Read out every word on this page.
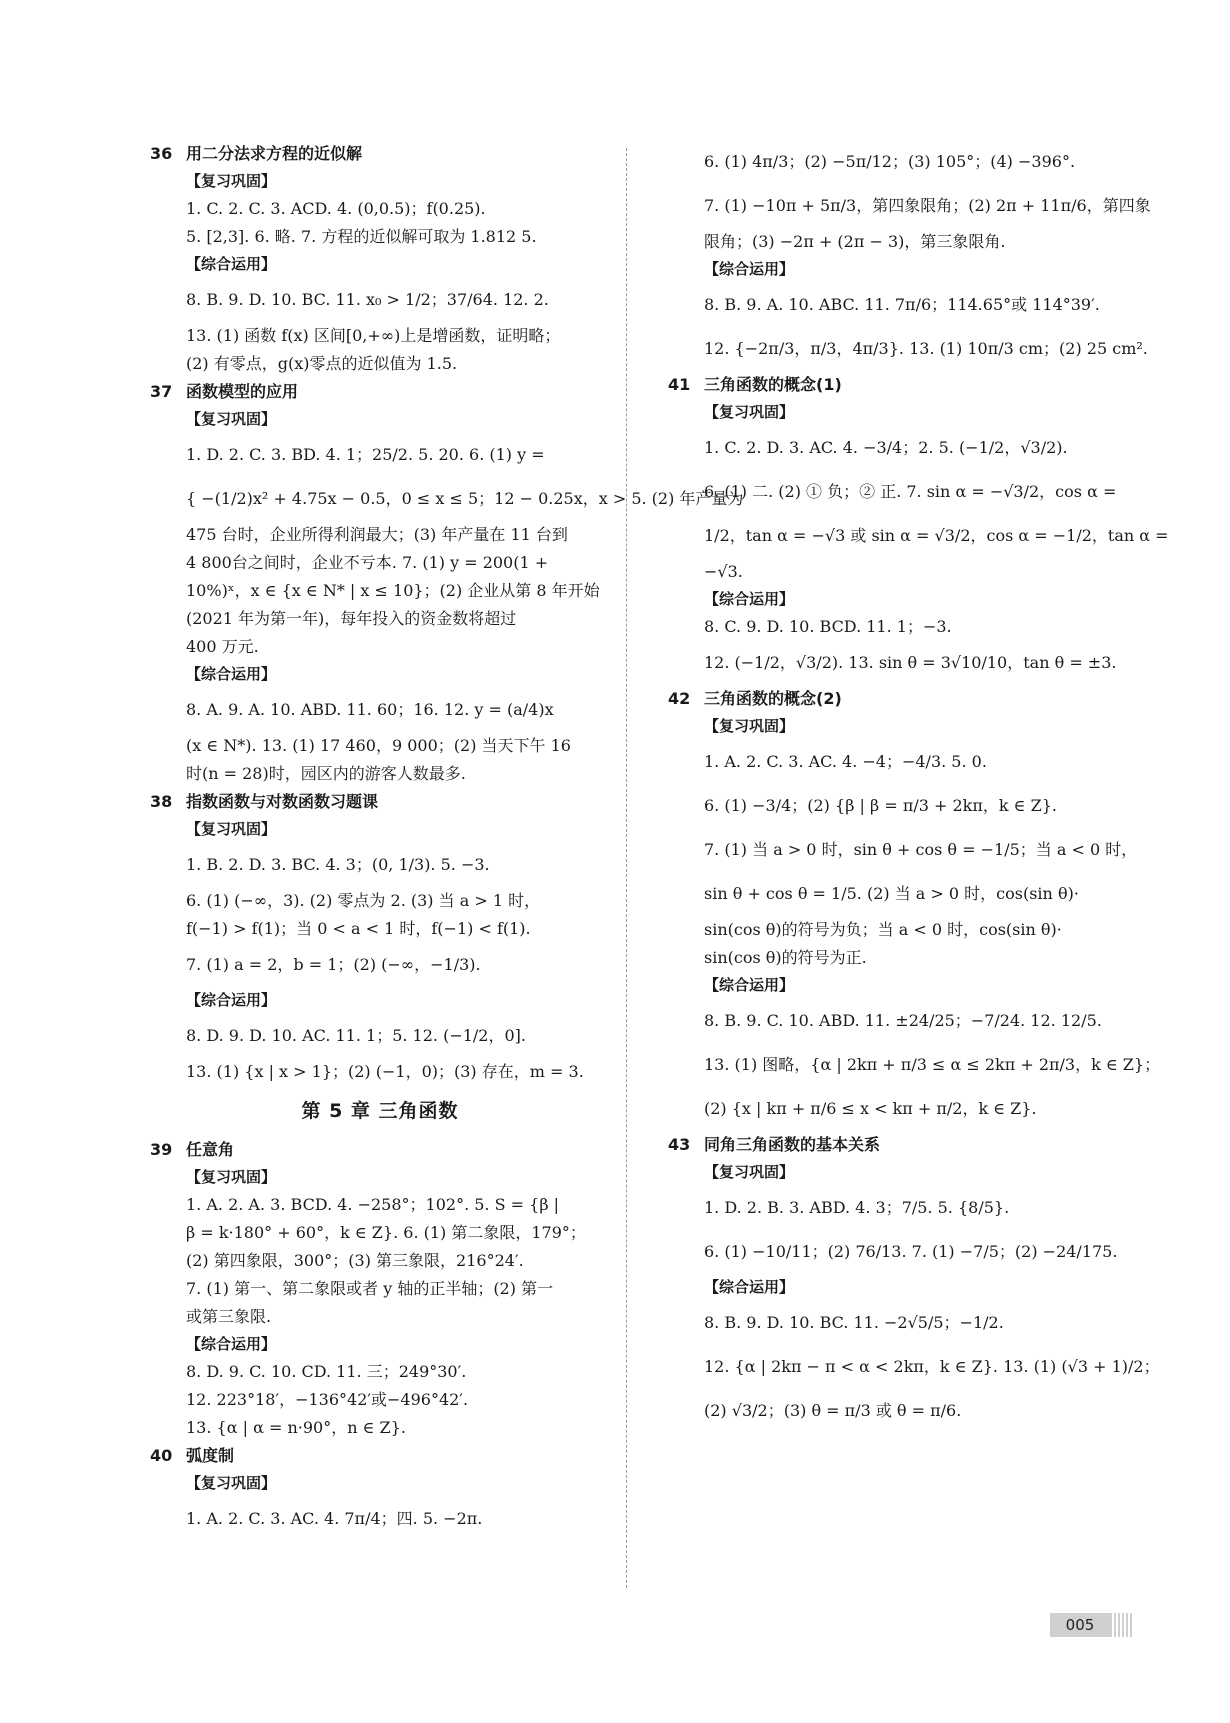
36 用二分法求方程的近似解
【复习巩固】
1. C. 2. C. 3. ACD. 4. (0,0.5)；f(0.25).
5. [2,3]. 6. 略. 7. 方程的近似解可取为 1.812 5.
【综合运用】
8. B. 9. D. 10. BC. 11. x₀ > 1/2；37/64. 12. 2.
13. (1) 函数 f(x) 区间[0,+∞)上是增函数，证明略；
(2) 有零点，g(x)零点的近似值为 1.5.
37 函数模型的应用
【复习巩固】
1. D. 2. C. 3. BD. 4. 1；25/2. 5. 20. 6. (1) y =
{ −(1/2)x² + 4.75x − 0.5，0 ≤ x ≤ 5；12 − 0.25x，x > 5. (2) 年产量为
475 台时，企业所得利润最大；(3) 年产量在 11 台到
4 800台之间时，企业不亏本. 7. (1) y = 200(1 +
10%)ˣ，x ∈ {x ∈ N* | x ≤ 10}；(2) 企业从第 8 年开始
(2021 年为第一年)，每年投入的资金数将超过
400 万元.
【综合运用】
8. A. 9. A. 10. ABD. 11. 60；16. 12. y = (a/4)x
(x ∈ N*). 13. (1) 17 460，9 000；(2) 当天下午 16
时(n = 28)时，园区内的游客人数最多.
38 指数函数与对数函数习题课
【复习巩固】
1. B. 2. D. 3. BC. 4. 3；(0, 1/3). 5. −3.
6. (1) (−∞，3). (2) 零点为 2. (3) 当 a > 1 时，
f(−1) > f(1)；当 0 < a < 1 时，f(−1) < f(1).
7. (1) a = 2，b = 1；(2) (−∞，−1/3).
【综合运用】
8. D. 9. D. 10. AC. 11. 1；5. 12. (−1/2，0].
13. (1) {x | x > 1}；(2) (−1，0)；(3) 存在，m = 3.
第 5 章 三角函数
39 任意角
【复习巩固】
1. A. 2. A. 3. BCD. 4. −258°；102°. 5. S = {β |
β = k·180° + 60°，k ∈ Z}. 6. (1) 第二象限，179°；
(2) 第四象限，300°；(3) 第三象限，216°24′.
7. (1) 第一、第二象限或者 y 轴的正半轴；(2) 第一
或第三象限.
【综合运用】
8. D. 9. C. 10. CD. 11. 三；249°30′.
12. 223°18′，−136°42′或−496°42′.
13. {α | α = n·90°，n ∈ Z}.
40 弧度制
【复习巩固】
1. A. 2. C. 3. AC. 4. 7π/4；四. 5. −2π.
6. (1) 4π/3；(2) −5π/12；(3) 105°；(4) −396°.
7. (1) −10π + 5π/3，第四象限角；(2) 2π + 11π/6，第四象
限角；(3) −2π + (2π − 3)，第三象限角.
【综合运用】
8. B. 9. A. 10. ABC. 11. 7π/6；114.65°或 114°39′.
12. {−2π/3，π/3，4π/3}. 13. (1) 10π/3 cm；(2) 25 cm².
41 三角函数的概念(1)
【复习巩固】
1. C. 2. D. 3. AC. 4. −3/4；2. 5. (−1/2，√3/2).
6. (1) 二. (2) ① 负；② 正. 7. sin α = −√3/2，cos α =
1/2，tan α = −√3 或 sin α = √3/2，cos α = −1/2，tan α =
−√3.
【综合运用】
8. C. 9. D. 10. BCD. 11. 1；−3.
12. (−1/2，√3/2). 13. sin θ = 3√10/10，tan θ = ±3.
42 三角函数的概念(2)
【复习巩固】
1. A. 2. C. 3. AC. 4. −4；−4/3. 5. 0.
6. (1) −3/4；(2) {β | β = π/3 + 2kπ，k ∈ Z}.
7. (1) 当 a > 0 时，sin θ + cos θ = −1/5；当 a < 0 时，
sin θ + cos θ = 1/5. (2) 当 a > 0 时，cos(sin θ)·
sin(cos θ)的符号为负；当 a < 0 时，cos(sin θ)·
sin(cos θ)的符号为正.
【综合运用】
8. B. 9. C. 10. ABD. 11. ±24/25；−7/24. 12. 12/5.
13. (1) 图略，{α | 2kπ + π/3 ≤ α ≤ 2kπ + 2π/3，k ∈ Z}；
(2) {x | kπ + π/6 ≤ x < kπ + π/2，k ∈ Z}.
43 同角三角函数的基本关系
【复习巩固】
1. D. 2. B. 3. ABD. 4. 3；7/5. 5. {8/5}.
6. (1) −10/11；(2) 76/13. 7. (1) −7/5；(2) −24/175.
【综合运用】
8. B. 9. D. 10. BC. 11. −2√5/5；−1/2.
12. {α | 2kπ − π < α < 2kπ，k ∈ Z}. 13. (1) (√3 + 1)/2；
(2) √3/2；(3) θ = π/3 或 θ = π/6.
005
